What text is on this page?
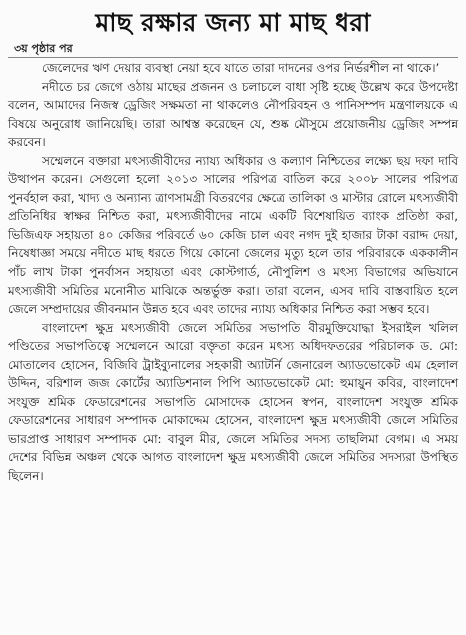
মাছ রক্ষার জন্য মা মাছ ধরা
৩য় পৃষ্ঠার পর

জেলেদের ঋণ দেয়ার ব্যবস্থা নেয়া হবে যাতে তারা দাদনের ওপর নির্ভরশীল না থাকে।’

নদীতে চর জেগে ওঠায় মাছের প্রজনন ও চলাচলে বাধা সৃষ্টি হচ্ছে উল্লেখ করে উপদেষ্টা বলেন, আমাদের নিজস্ব ড্রেজিং সক্ষমতা না থাকলেও নৌপরিবহন ও পানিসম্পদ মন্ত্রণালয়কে এ বিষয়ে অনুরোধ জানিয়েছি। তারা আশ্বস্ত করেছেন যে, শুষ্ক মৌসুমে প্রয়োজনীয় ড্রেজিং সম্পন্ন করবেন।

সম্মেলনে বক্তারা মৎস্যজীবীদের ন্যায্য অধিকার ও কল্যাণ নিশ্চিতের লক্ষ্যে ছয় দফা দাবি উত্থাপন করেন। সেগুলো হলো ২০১৩ সালের পরিপত্র বাতিল করে ২০০৮ সালের পরিপত্র পুনর্বহাল করা, খাদ্য ও অন্যান্য ত্রাণসামগ্রী বিতরণের ক্ষেত্রে তালিকা ও মাস্টার রোলে মৎস্যজীবী প্রতিনিধির স্বাক্ষর নিশ্চিত করা, মৎস্যজীবীদের নামে একটি বিশেষায়িত ব্যাংক প্রতিষ্ঠা করা, ভিজিএফ সহায়তা ৪০ কেজির পরিবর্তে ৬০ কেজি চাল এবং নগদ দুই হাজার টাকা বরাদ্দ দেয়া, নিষেধাজ্ঞা সময়ে নদীতে মাছ ধরতে গিয়ে কোনো জেলের মৃত্যু হলে তার পরিবারকে এককালীন পাঁচ লাখ টাকা পুনর্বাসন সহায়তা এবং কোস্টগার্ড, নৌপুলিশ ও মৎস্য বিভাগের অভিযানে মৎস্যজীবী সমিতির মনোনীত মাঝিকে অন্তর্ভুক্ত করা। তারা বলেন, এসব দাবি বাস্তবায়িত হলে জেলে সম্প্রদায়ের জীবনমান উন্নত হবে এবং তাদের ন্যায্য অধিকার নিশ্চিত করা সম্ভব হবে।

বাংলাদেশ ক্ষুদ্র মৎস্যজীবী জেলে সমিতির সভাপতি বীরমুক্তিযোদ্ধা ইসরাইল খলিল পণ্ডিতের সভাপতিত্বে সম্মেলনে আরো বক্তৃতা করেন মৎস্য অধিদফতরের পরিচালক ড. মো: মোতালেব হোসেন, বিজিবি ট্রাইব্যুনালের সহকারী অ্যাটর্নি জেনারেল অ্যাডভোকেট এম হেলাল উদ্দিন, বরিশাল জজ কোর্টের অ্যাডিশনাল পিপি অ্যাডভোকেট মো: হুমায়ুন কবির, বাংলাদেশ সংযুক্ত শ্রমিক ফেডারেশনের সভাপতি মোসাদেক হোসেন স্বপন, বাংলাদেশ সংযুক্ত শ্রমিক ফেডারেশনের সাধারণ সম্পাদক মোকাদ্দেম হোসেন, বাংলাদেশ ক্ষুদ্র মৎস্যজীবী জেলে সমিতির ভারপ্রাপ্ত সাধারণ সম্পাদক মো: বাবুল মীর, জেলে সমিতির সদস্য তাছলিমা বেগম। এ সময় দেশের বিভিন্ন অঞ্চল থেকে আগত বাংলাদেশ ক্ষুদ্র মৎস্যজীবী জেলে সমিতির সদস্যরা উপস্থিত ছিলেন।
